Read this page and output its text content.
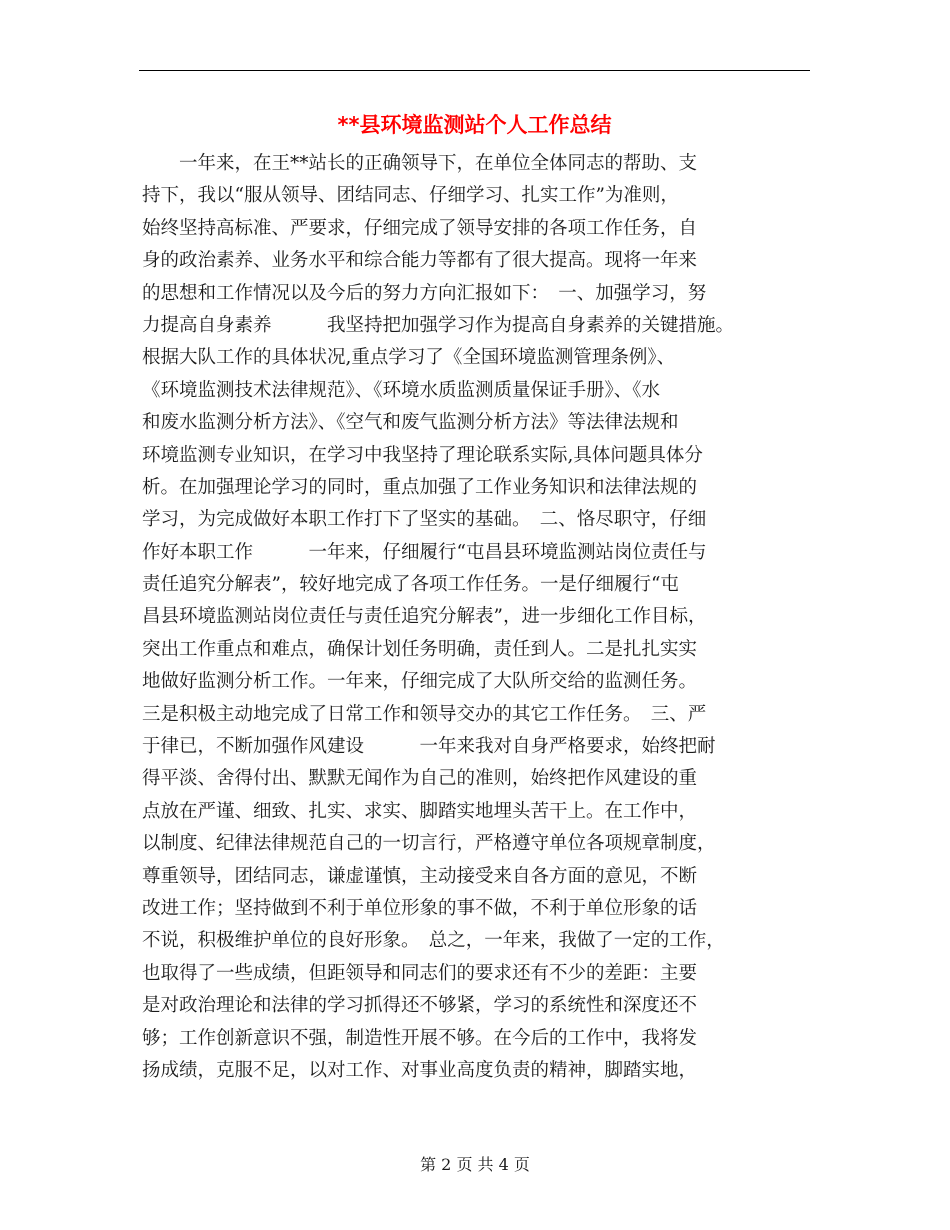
**县环境监测站个人工作总结
　　一年来，在王**站长的正确领导下，在单位全体同志的帮助、支
持下，我以“服从领导、团结同志、仔细学习、扎实工作”为准则，
始终坚持高标准、严要求，仔细完成了领导安排的各项工作任务，自
身的政治素养、业务水平和综合能力等都有了很大提高。现将一年来
的思想和工作情况以及今后的努力方向汇报如下：　一、加强学习，努
力提高自身素养　　　我坚持把加强学习作为提高自身素养的关键措施。
根据大队工作的具体状况,重点学习了《全国环境监测管理条例》、
《环境监测技术法律规范》、《环境水质监测质量保证手册》、《水
和废水监测分析方法》、《空气和废气监测分析方法》等法律法规和
环境监测专业知识，在学习中我坚持了理论联系实际,具体问题具体分
析。在加强理论学习的同时，重点加强了工作业务知识和法律法规的
学习，为完成做好本职工作打下了坚实的基础。　二、恪尽职守，仔细
作好本职工作　　　一年来，仔细履行“屯昌县环境监测站岗位责任与
责任追究分解表”，较好地完成了各项工作任务。一是仔细履行“屯
昌县环境监测站岗位责任与责任追究分解表”，进一步细化工作目标，
突出工作重点和难点，确保计划任务明确，责任到人。二是扎扎实实
地做好监测分析工作。一年来，仔细完成了大队所交给的监测任务。
三是积极主动地完成了日常工作和领导交办的其它工作任务。　三、严
于律已，不断加强作风建设　　　一年来我对自身严格要求，始终把耐
得平淡、舍得付出、默默无闻作为自己的准则，始终把作风建设的重
点放在严谨、细致、扎实、求实、脚踏实地埋头苦干上。在工作中，
以制度、纪律法律规范自己的一切言行，严格遵守单位各项规章制度，
尊重领导，团结同志，谦虚谨慎，主动接受来自各方面的意见，不断
改进工作；坚持做到不利于单位形象的事不做，不利于单位形象的话
不说，积极维护单位的良好形象。　总之，一年来，我做了一定的工作，
也取得了一些成绩，但距领导和同志们的要求还有不少的差距：主要
是对政治理论和法律的学习抓得还不够紧，学习的系统性和深度还不
够；工作创新意识不强，制造性开展不够。在今后的工作中，我将发
扬成绩，克服不足，以对工作、对事业高度负责的精神，脚踏实地，
第 2 页 共 4 页
